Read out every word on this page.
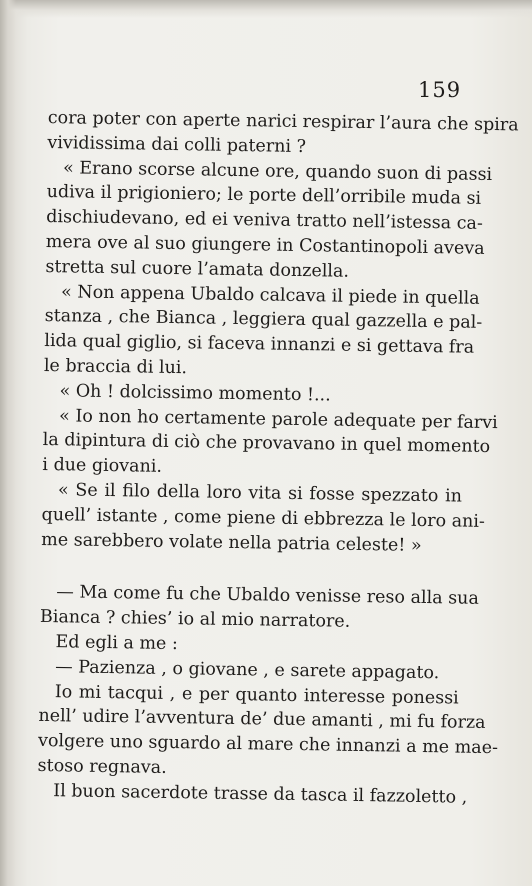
159
cora poter con aperte narici respirar l’aura che spira
vividissima dai colli paterni ?
« Erano scorse alcune ore, quando suon di passi
udiva il prigioniero; le porte dell’orribile muda si
dischiudevano, ed ei veniva tratto nell’istessa ca-
mera ove al suo giungere in Costantinopoli aveva
stretta sul cuore l’amata donzella.
« Non appena Ubaldo calcava il piede in quella
stanza , che Bianca , leggiera qual gazzella e pal-
lida qual giglio, si faceva innanzi e si gettava fra
le braccia di lui.
« Oh ! dolcissimo momento !...
« Io non ho certamente parole adequate per farvi
la dipintura di ciò che provavano in quel momento
i due giovani.
« Se il filo della loro vita si fosse spezzato in
quell’ istante , come piene di ebbrezza le loro ani-
me sarebbero volate nella patria celeste! »
— Ma come fu che Ubaldo venisse reso alla sua
Bianca ? chies’ io al mio narratore.
Ed egli a me :
— Pazienza , o giovane , e sarete appagato.
Io mi tacqui , e per quanto interesse ponessi
nell’ udire l’avventura de’ due amanti , mi fu forza
volgere uno sguardo al mare che innanzi a me mae-
stoso regnava.
Il buon sacerdote trasse da tasca il fazzoletto ,
